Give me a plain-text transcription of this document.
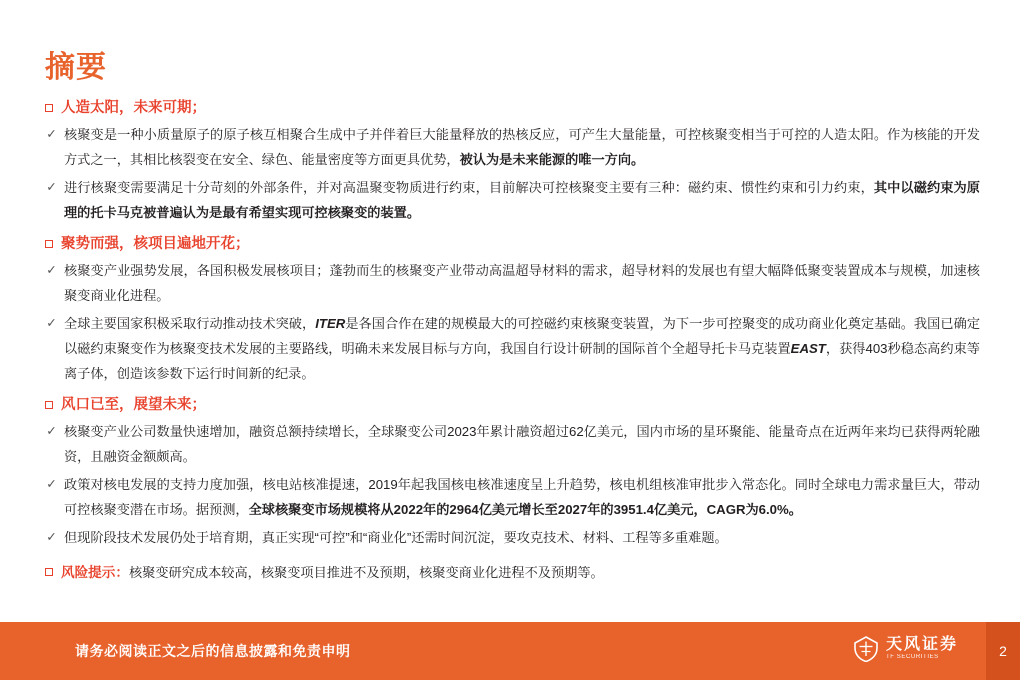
摘要
人造太阳，未来可期；
✓ 核聚变是一种小质量原子的原子核互相聚合生成中子并伴着巨大能量释放的热核反应，可产生大量能量，可控核聚变相当于可控的人造太阳。作为核能的开发方式之一，其相比核裂变在安全、绿色、能量密度等方面更具优势，被认为是未来能源的唯一方向。

✓ 进行核聚变需要满足十分苛刻的外部条件，并对高温聚变物质进行约束，目前解决可控核聚变主要有三种：磁约束、惯性约束和引力约束，其中以磁约束为原理的托卡马克被普遍认为是最有希望实现可控核聚变的装置。

聚势而强，核项目遍地开花；
✓ 核聚变产业强势发展，各国积极发展核项目；蓬勃而生的核聚变产业带动高温超导材料的需求，超导材料的发展也有望大幅降低聚变装置成本与规模，加速核聚变商业化进程。

✓ 全球主要国家积极采取行动推动技术突破，ITER是各国合作在建的规模最大的可控磁约束核聚变装置，为下一步可控聚变的成功商业化奠定基础。我国已确定以磁约束聚变作为核聚变技术发展的主要路线，明确未来发展目标与方向，我国自行设计研制的国际首个全超导托卡马克装置EAST，获得403秒稳态高约束等离子体，创造该参数下运行时间新的纪录。

风口已至，展望未来；
✓ 核聚变产业公司数量快速增加，融资总额持续增长，全球聚变公司2023年累计融资超过62亿美元，国内市场的星环聚能、能量奇点在近两年来均已获得两轮融资，且融资金额颇高。

✓ 政策对核电发展的支持力度加强，核电站核准提速，2019年起我国核电核准速度呈上升趋势，核电机组核准审批步入常态化。同时全球电力需求量巨大，带动可控核聚变潜在市场。据预测，全球核聚变市场规模将从2022年的2964亿美元增长至2027年的3951.4亿美元，CAGR为6.0%。

✓ 但现阶段技术发展仍处于培育期，真正实现“可控”和“商业化”还需时间沉淀，要攻克技术、材料、工程等多重难题。

风险提示：核聚变研究成本较高，核聚变项目推进不及预期，核聚变商业化进程不及预期等。
请务必阅读正文之后的信息披露和免责申明	天风证券
TF SECURITIES	2
